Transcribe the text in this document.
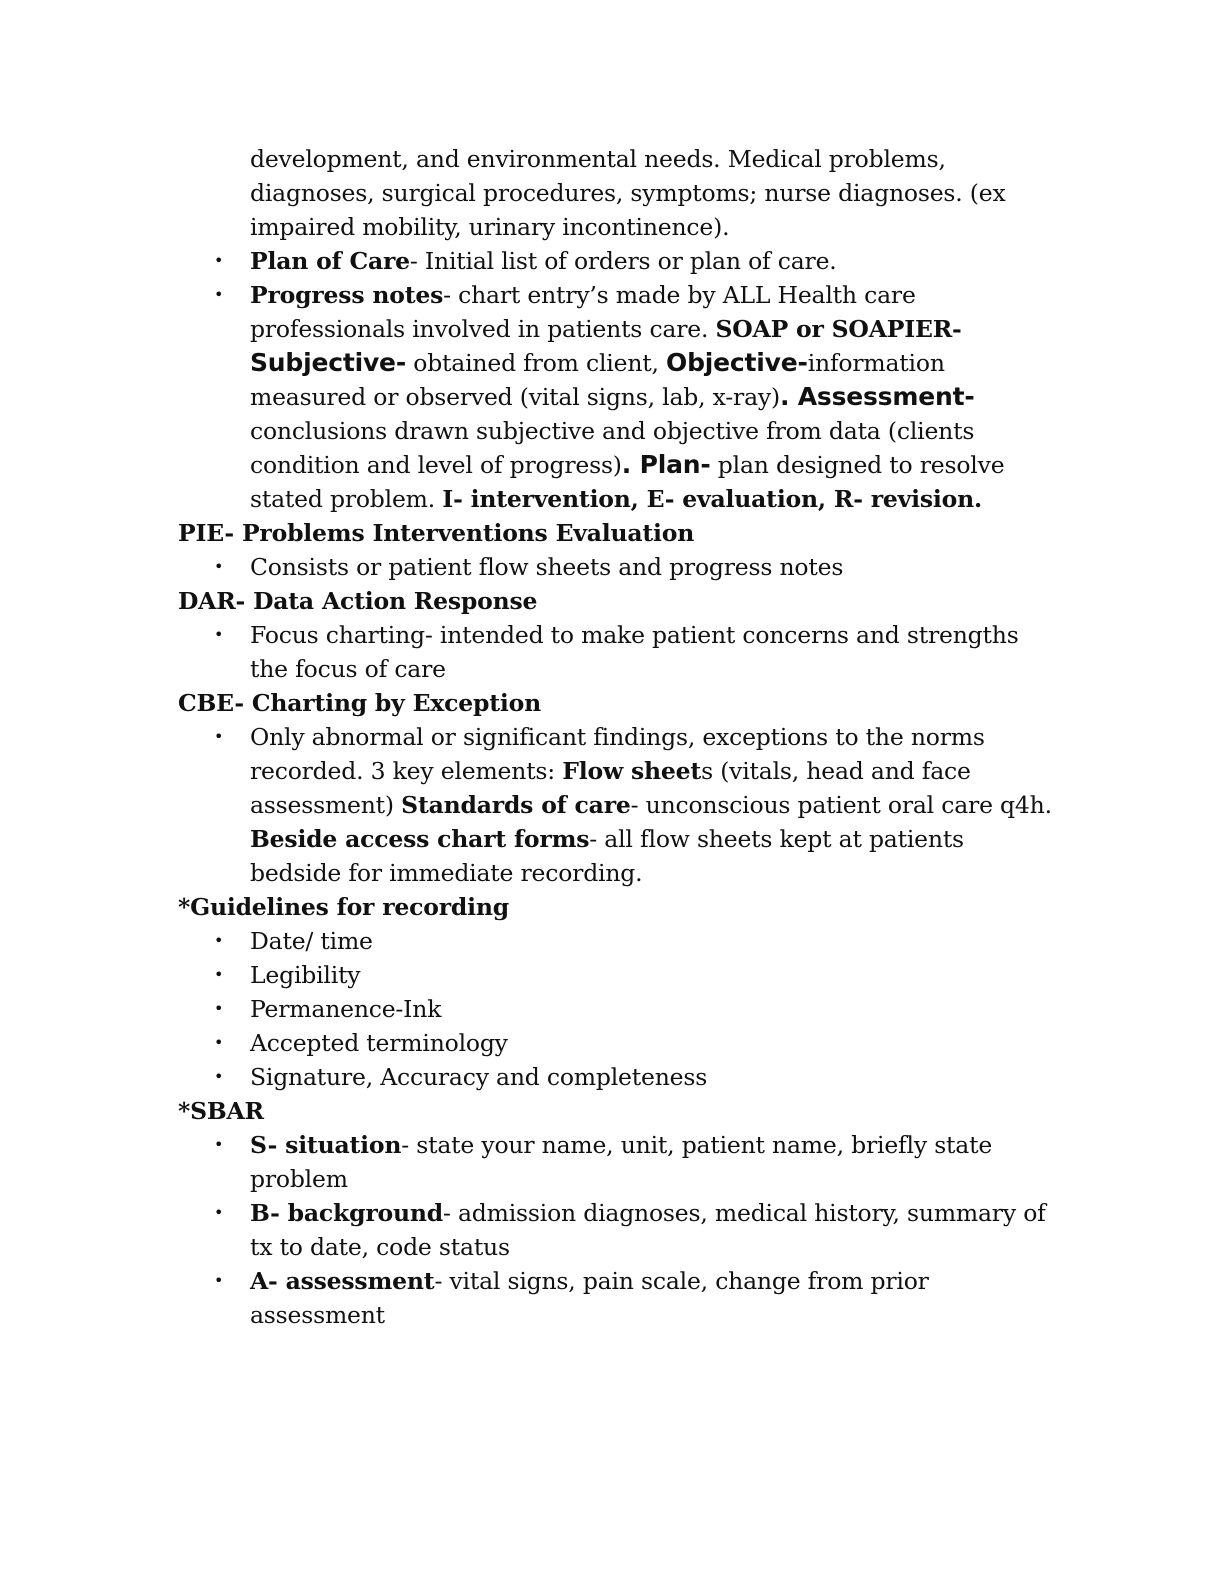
development, and environmental needs. Medical problems,
diagnoses, surgical procedures, symptoms; nurse diagnoses. (ex
impaired mobility, urinary incontinence).
• Plan of Care- Initial list of orders or plan of care.
• Progress notes- chart entry’s made by ALL Health care professionals involved in patients care. SOAP or SOAPIER- Subjective- obtained from client, Objective-information measured or observed (vital signs, lab, x-ray). Assessment- conclusions drawn subjective and objective from data (clients condition and level of progress). Plan- plan designed to resolve stated problem. I- intervention, E- evaluation, R- revision.
PIE- Problems Interventions Evaluation
• Consists or patient flow sheets and progress notes
DAR- Data Action Response
• Focus charting- intended to make patient concerns and strengths the focus of care
CBE- Charting by Exception
• Only abnormal or significant findings, exceptions to the norms recorded. 3 key elements: Flow sheets (vitals, head and face assessment) Standards of care- unconscious patient oral care q4h. Beside access chart forms- all flow sheets kept at patients bedside for immediate recording.
*Guidelines for recording
• Date/ time
• Legibility
• Permanence-Ink
• Accepted terminology
• Signature, Accuracy and completeness
*SBAR
• S- situation- state your name, unit, patient name, briefly state problem
• B- background- admission diagnoses, medical history, summary of tx to date, code status
• A- assessment- vital signs, pain scale, change from prior assessment
